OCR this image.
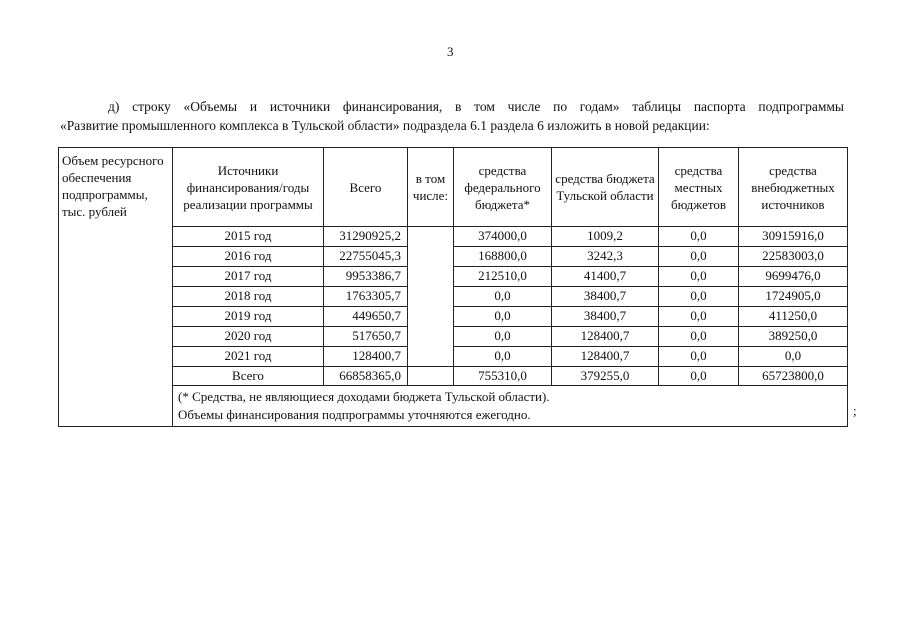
3
д) строку «Объемы и источники финансирования, в том числе по годам» таблицы паспорта подпрограммы
«Развитие промышленного комплекса в Тульской области» подраздела 6.1 раздела 6 изложить в новой редакции:
Объем ресурсного обеспечения подпрограммы, тыс. рублей	Источники финансирования/годы реализации программы	Всего	в том числе:	средства федерального бюджета*	средства бюджета Тульской области	средства местных бюджетов	средства внебюджетных источников
	2015 год	31290925,2		374000,0	1009,2	0,0	30915916,0
	2016 год	22755045,3		168800,0	3242,3	0,0	22583003,0
	2017 год	9953386,7		212510,0	41400,7	0,0	9699476,0
	2018 год	1763305,7		0,0	38400,7	0,0	1724905,0
	2019 год	449650,7		0,0	38400,7	0,0	411250,0
	2020 год	517650,7		0,0	128400,7	0,0	389250,0
	2021 год	128400,7		0,0	128400,7	0,0	0,0
	Всего	66858365,0		755310,0	379255,0	0,0	65723800,0

	(* Средства, не являющиеся доходами бюджета Тульской области).
Объемы финансирования подпрограммы уточняются ежегодно.							;
